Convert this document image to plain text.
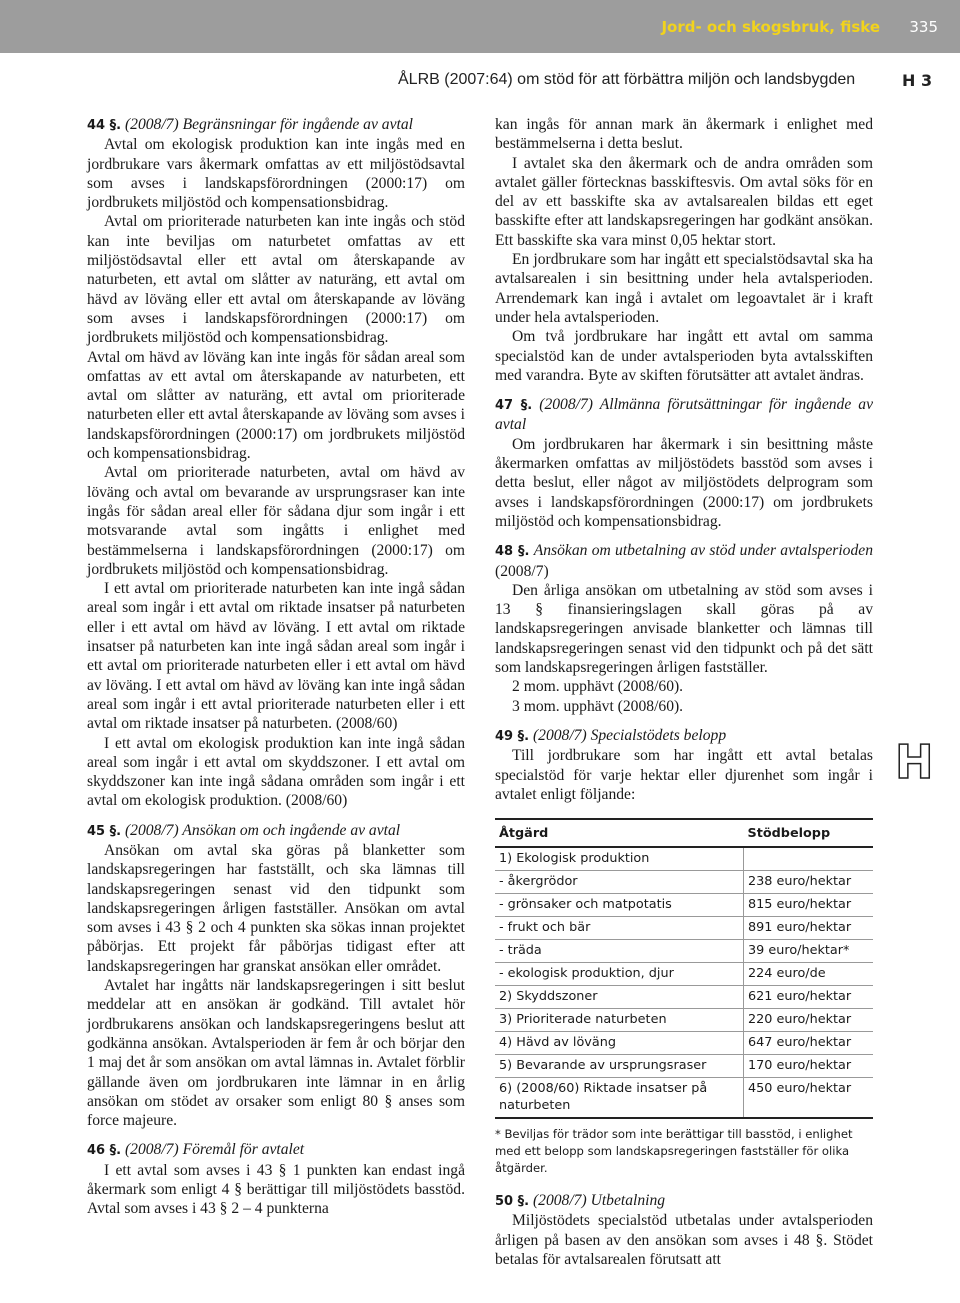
Jord- och skogsbruk, fiske 335
ÅLRB (2007:64) om stöd för att förbättra miljön och landsbygden	H 3

44 §. (2008/7) Begränsningar för ingående av avtal

Avtal om ekologisk produktion kan inte ingås med en jordbrukare vars åkermark omfattas av ett miljöstödsavtal som avses i landskapsförordningen (2000:17) om jordbrukets miljöstöd och kompensationsbidrag.

Avtal om prioriterade naturbeten kan inte ingås och stöd kan inte beviljas om naturbetet omfattas av ett miljöstödsavtal eller ett avtal om återskapande av naturbeten, ett avtal om slåtter av naturäng, ett avtal om hävd av löväng eller ett avtal om återskapande av löväng som avses i landskapsförordningen (2000:17) om jordbrukets miljöstöd och kompensationsbidrag.

Avtal om hävd av löväng kan inte ingås för sådan areal som omfattas av ett avtal om återskapande av naturbeten, ett avtal om slåtter av naturäng, ett avtal om prioriterade naturbeten eller ett avtal återskapande av löväng som avses i landskapsförordningen (2000:17) om jordbrukets miljöstöd och kompensationsbidrag.

Avtal om prioriterade naturbeten, avtal om hävd av löväng och avtal om bevarande av ursprungsraser kan inte ingås för sådan areal eller för sådana djur som ingår i ett motsvarande avtal som ingåtts i enlighet med bestämmelserna i landskapsförordningen (2000:17) om jordbrukets miljöstöd och kompensationsbidrag.

I ett avtal om prioriterade naturbeten kan inte ingå sådan areal som ingår i ett avtal om riktade insatser på naturbeten eller i ett avtal om hävd av löväng. I ett avtal om riktade insatser på naturbeten kan inte ingå sådan areal som ingår i ett avtal om prioriterade naturbeten eller i ett avtal om hävd av löväng. I ett avtal om hävd av löväng kan inte ingå sådan areal som ingår i ett avtal prioriterade naturbeten eller i ett avtal om riktade insatser på naturbeten. (2008/60)

I ett avtal om ekologisk produktion kan inte ingå sådan areal som ingår i ett avtal om skyddszoner. I ett avtal om skyddszoner kan inte ingå sådana områden som ingår i ett avtal om ekologisk produktion. (2008/60)

45 §. (2008/7) Ansökan om och ingående av avtal

Ansökan om avtal ska göras på blanketter som landskapsregeringen har fastställt, och ska lämnas till landskapsregeringen senast vid den tidpunkt som landskapsregeringen årligen fastställer. Ansökan om avtal som avses i 43 § 2 och 4 punkten ska sökas innan projektet påbörjas. Ett projekt får påbörjas tidigast efter att landskapsregeringen har granskat ansökan eller området.

Avtalet har ingåtts när landskapsregeringen i sitt beslut meddelar att en ansökan är godkänd. Till avtalet hör jordbrukarens ansökan och landskapsregeringens beslut att godkänna ansökan. Avtalsperioden är fem år och börjar den 1 maj det år som ansökan om avtal lämnas in. Avtalet förblir gällande även om jordbrukaren inte lämnar in en årlig ansökan om stödet av orsaker som enligt 80 § anses som force majeure.

46 §. (2008/7) Föremål för avtalet

I ett avtal som avses i 43 § 1 punkten kan endast ingå åkermark som enligt 4 § berättigar till miljöstödets basstöd. Avtal som avses i 43 § 2 – 4 punkterna

kan ingås för annan mark än åkermark i enlighet med bestämmelserna i detta beslut.

I avtalet ska den åkermark och de andra områden som avtalet gäller förtecknas basskiftesvis. Om avtal söks för en del av ett basskifte ska av avtalsarealen bildas ett eget basskifte efter att landskapsregeringen har godkänt ansökan. Ett basskifte ska vara minst 0,05 hektar stort.

En jordbrukare som har ingått ett specialstödsavtal ska ha avtalsarealen i sin besittning under hela avtalsperioden. Arrendemark kan ingå i avtalet om legoavtalet är i kraft under hela avtalsperioden.

Om två jordbrukare har ingått ett avtal om samma specialstöd kan de under avtalsperioden byta avtalsskiften med varandra. Byte av skiften förutsätter att avtalet ändras.

47 §. (2008/7) Allmänna förutsättningar för ingående av avtal

Om jordbrukaren har åkermark i sin besittning måste åkermarken omfattas av miljöstödets basstöd som avses i detta beslut, eller något av miljöstödets delprogram som avses i landskapsförordningen (2000:17) om jordbrukets miljöstöd och kompensationsbidrag.

48 §. Ansökan om utbetalning av stöd under avtalsperioden (2008/7)

Den årliga ansökan om utbetalning av stöd som avses i 13 § finansieringslagen skall göras på av landskapsregeringen anvisade blanketter och lämnas till landskapsregeringen senast vid den tidpunkt och på det sätt som landskapsregeringen årligen fastställer.

2 mom. upphävt (2008/60).

3 mom. upphävt (2008/60).

49 §. (2008/7) Specialstödets belopp

Till jordbrukare som har ingått ett avtal betalas specialstöd för varje hektar eller djurenhet som ingår i avtalet enligt följande:

Åtgärd	Stödbelopp
1) Ekologisk produktion	
- åkergrödor	238 euro/hektar
- grönsaker och matpotatis	815 euro/hektar
- frukt och bär	891 euro/hektar
- träda	39 euro/hektar*
- ekologisk produktion, djur	224 euro/de
2) Skyddszoner	621 euro/hektar
3) Prioriterade naturbeten	220 euro/hektar
4) Hävd av löväng	647 euro/hektar
5) Bevarande av ursprungsraser	170 euro/hektar
6) (2008/60) Riktade insatser på naturbeten	450 euro/hektar
* Beviljas för trädor som inte berättigar till basstöd, i enlighet med ett belopp som landskapsregeringen fastställer för olika åtgärder.

50 §. (2008/7) Utbetalning

Miljöstödets specialstöd utbetalas under avtalsperioden årligen på basen av den ansökan som avses i 48 §. Stödet betalas för avtalsarealen förutsatt att

H
